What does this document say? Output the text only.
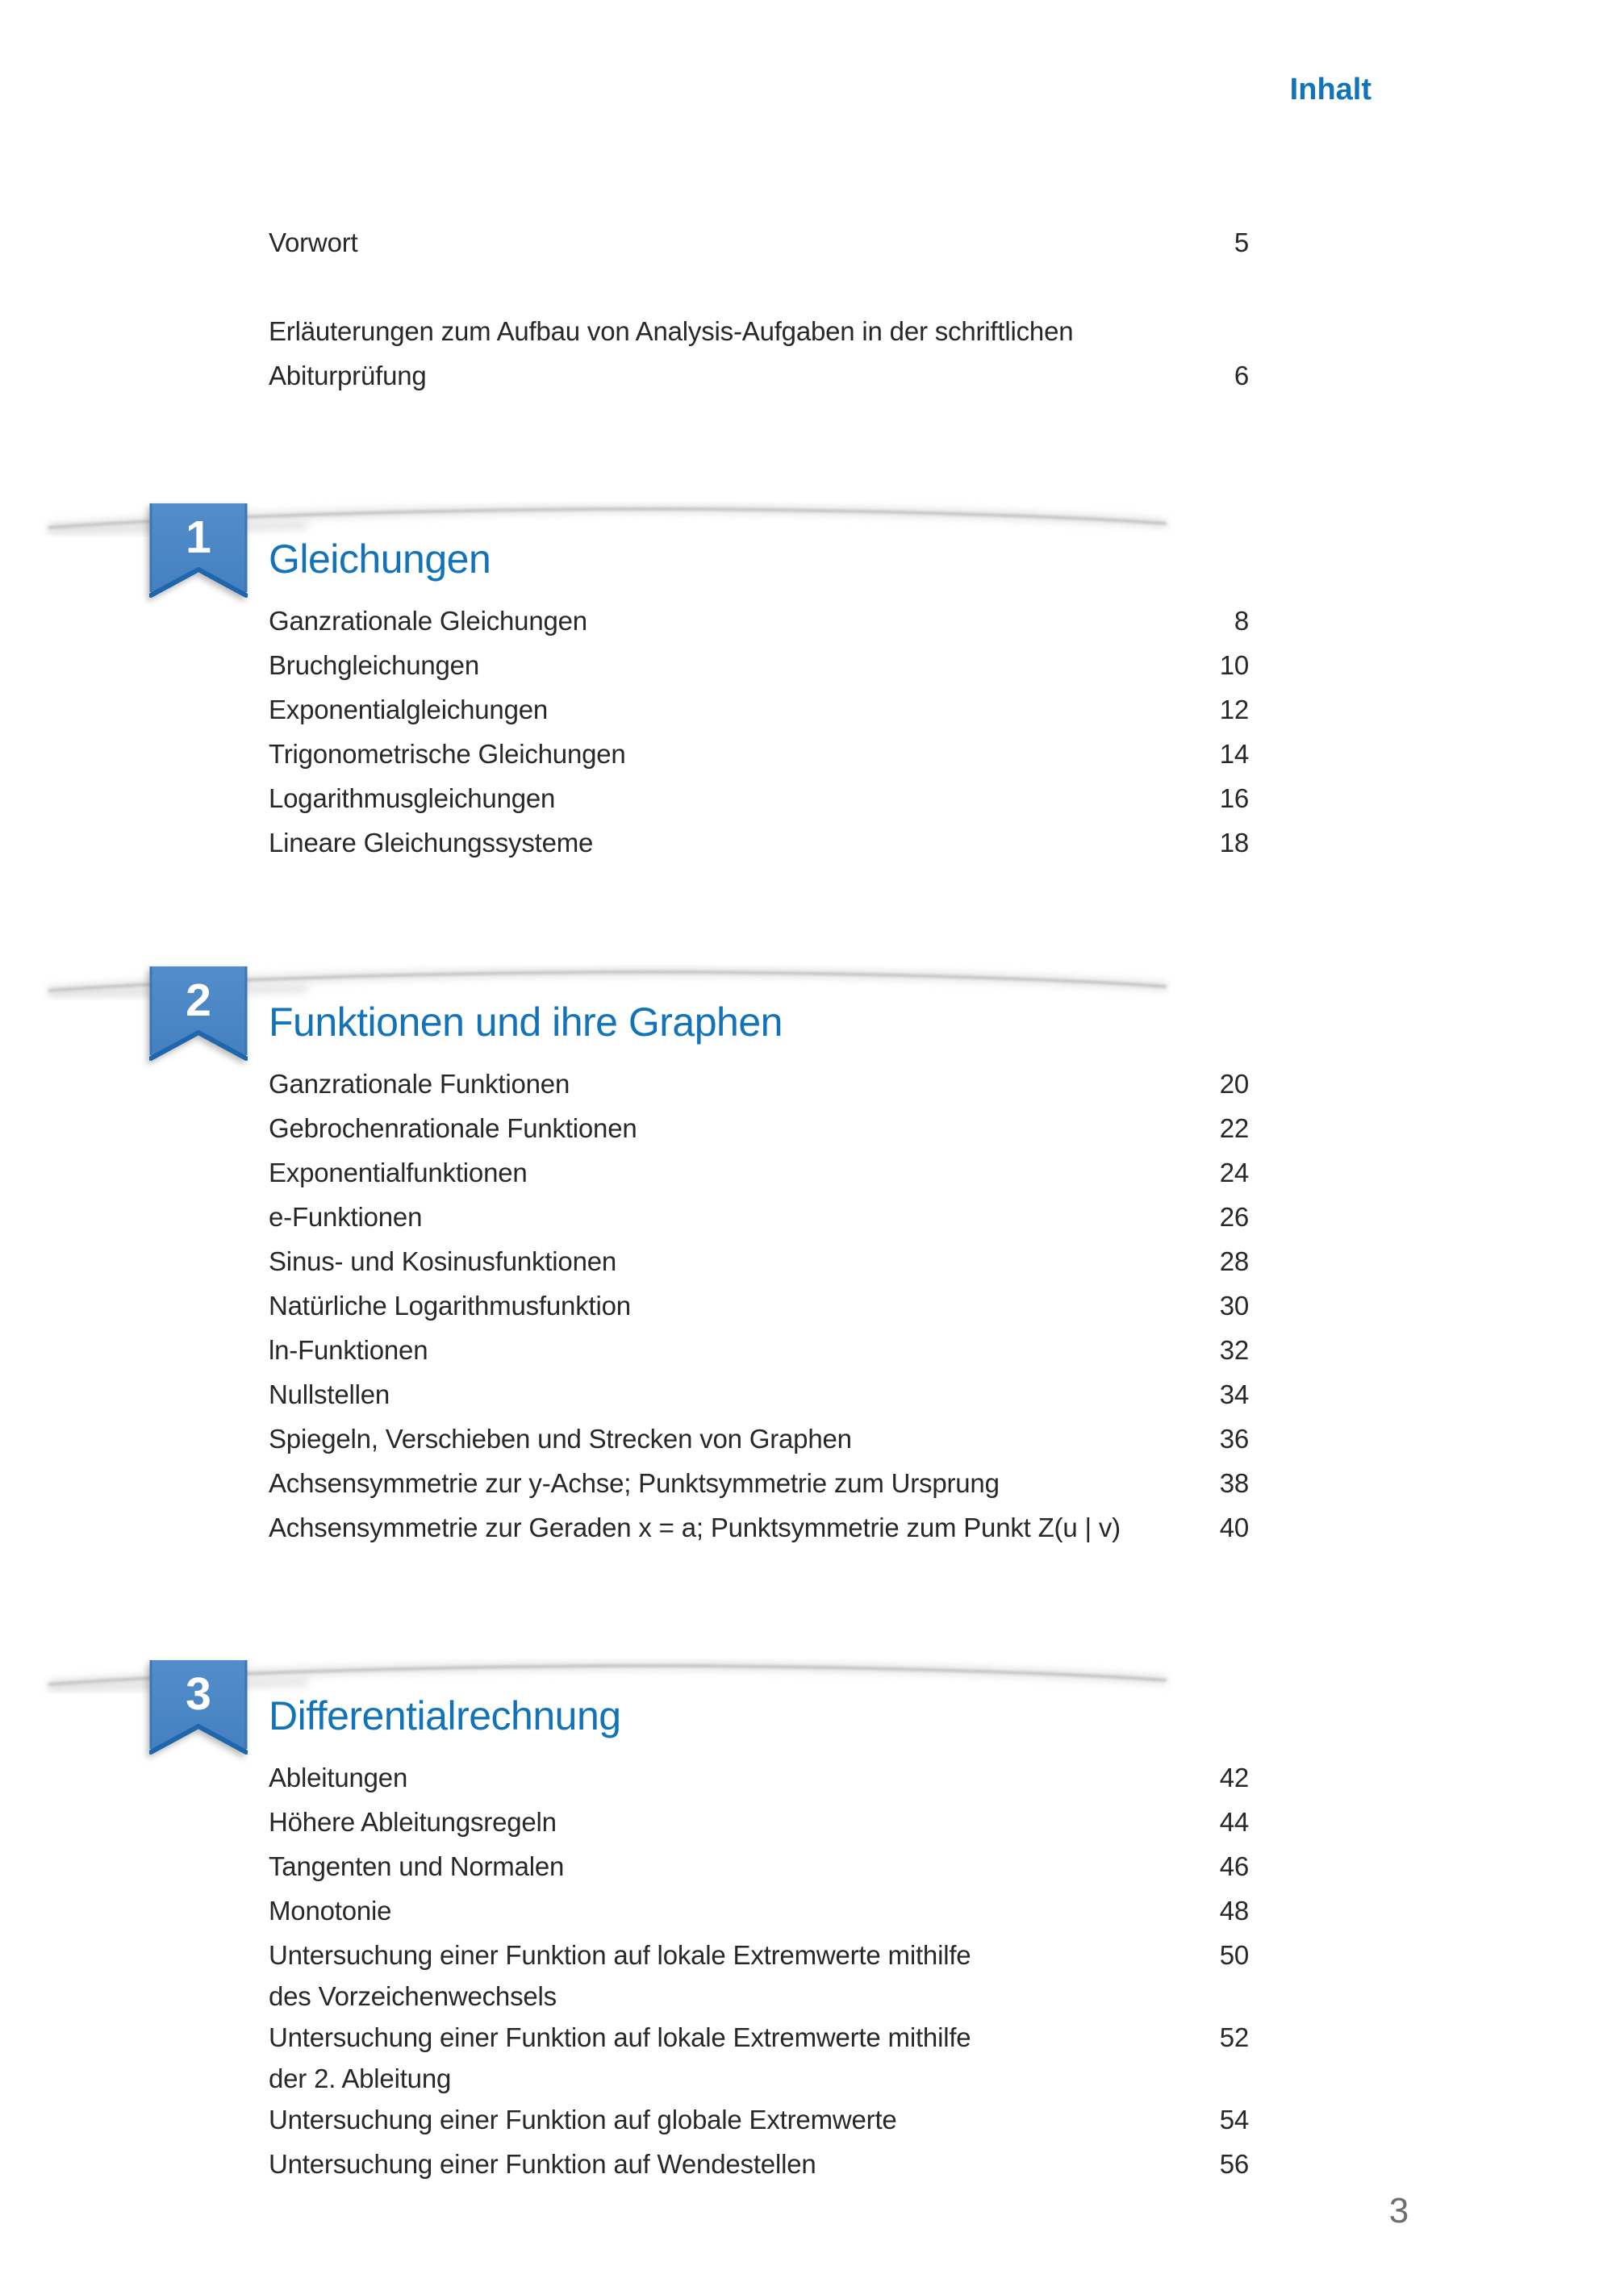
Inhalt
Vorwort	5
Erläuterungen zum Aufbau von Analysis-Aufgaben in der schriftlichen
Abiturprüfung	6
1	Gleichungen
Ganzrationale Gleichungen	8
Bruchgleichungen	10
Exponentialgleichungen	12
Trigonometrische Gleichungen	14
Logarithmusgleichungen	16
Lineare Gleichungssysteme	18
2	Funktionen und ihre Graphen
Ganzrationale Funktionen	20
Gebrochenrationale Funktionen	22
Exponentialfunktionen	24
e-Funktionen	26
Sinus- und Kosinusfunktionen	28
Natürliche Logarithmusfunktion	30
ln-Funktionen	32
Nullstellen	34
Spiegeln, Verschieben und Strecken von Graphen	36
Achsensymmetrie zur y-Achse; Punktsymmetrie zum Ursprung	38
Achsensymmetrie zur Geraden x = a; Punktsymmetrie zum Punkt Z(u | v)	40
3	Differentialrechnung
Ableitungen	42
Höhere Ableitungsregeln	44
Tangenten und Normalen	46
Monotonie	48
Untersuchung einer Funktion auf lokale Extremwerte mithilfe	50
des Vorzeichenwechsels
Untersuchung einer Funktion auf lokale Extremwerte mithilfe	52
der 2. Ableitung
Untersuchung einer Funktion auf globale Extremwerte	54
Untersuchung einer Funktion auf Wendestellen	56
3
